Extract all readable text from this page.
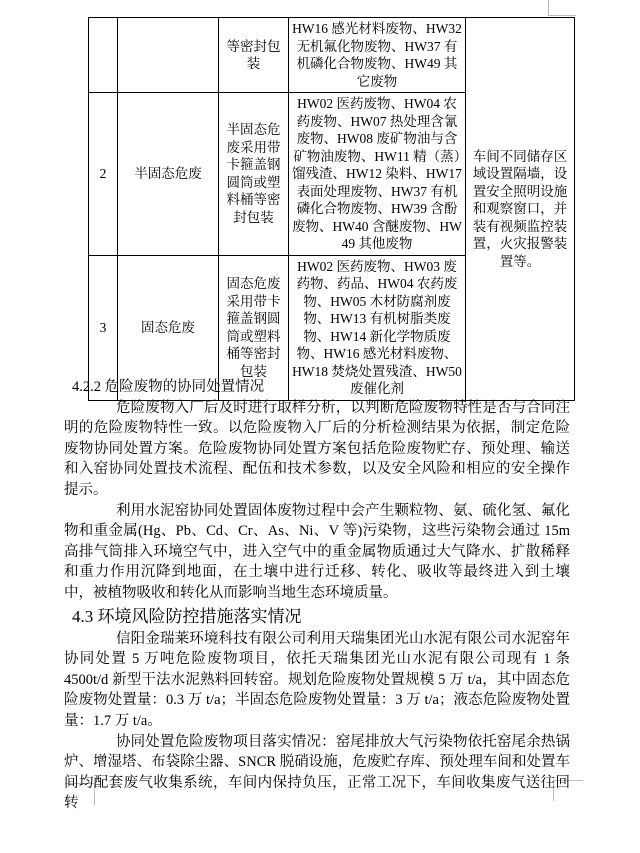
		等密封包装	HW16 感光材料废物、HW32 无机氟化物废物、HW37 有机磷化合物废物、HW49 其它废物	车间不同储存区域设置隔墙，设置安全照明设施和观察窗口，并装有视频监控装置，火灾报警装置等。
2	半固态危废	半固态危废采用带卡箍盖钢圆筒或塑料桶等密封包装	HW02 医药废物、HW04 农药废物、HW07 热处理含氰废物、HW08 废矿物油与含矿物油废物、HW11 精（蒸）馏残渣、HW12 染料、HW17 表面处理废物、HW37 有机磷化合物废物、HW39 含酚废物、HW40 含醚废物、HW49 其他废物	
3	固态危废	固态危废采用带卡箍盖钢圆筒或塑料桶等密封包装	HW02 医药废物、HW03 废药物、药品、HW04 农药废物、HW05 木材防腐剂废物、HW13 有机树脂类废物、HW14 新化学物质废物、HW16 感光材料废物、HW18 焚烧处置残渣、HW50 废催化剂	
4.2.2 危险废物的协同处置情况

危险废物入厂后及时进行取样分析，以判断危险废物特性是否与合同注明的危险废物特性一致。以危险废物入厂后的分析检测结果为依据，制定危险废物协同处置方案。危险废物协同处置方案包括危险废物贮存、预处理、输送和入窑协同处置技术流程、配伍和技术参数，以及安全风险和相应的安全操作提示。

利用水泥窑协同处置固体废物过程中会产生颗粒物、氨、硫化氢、氟化物和重金属(Hg、Pb、Cd、Cr、As、Ni、V 等)污染物，这些污染物会通过 15m 高排气筒排入环境空气中，进入空气中的重金属物质通过大气降水、扩散稀释和重力作用沉降到地面，在土壤中进行迁移、转化、吸收等最终进入到土壤中，被植物吸收和转化从而影响当地生态环境质量。

4.3 环境风险防控措施落实情况

信阳金瑞莱环境科技有限公司利用天瑞集团光山水泥有限公司水泥窑年协同处置 5 万吨危险废物项目，依托天瑞集团光山水泥有限公司现有 1 条 4500t/d 新型干法水泥熟料回转窑。规划危险废物处置规模 5 万 t/a，其中固态危险废物处置量：0.3 万 t/a；半固态危险废物处置量：3 万 t/a；液态危险废物处置量：1.7 万 t/a。

协同处置危险废物项目落实情况：窑尾排放大气污染物依托窑尾余热锅炉、增湿塔、布袋除尘器、SNCR 脱硝设施，危废贮存库、预处理车间和处置车间均配套废气收集系统，车间内保持负压，正常工况下，车间收集废气送往回转
